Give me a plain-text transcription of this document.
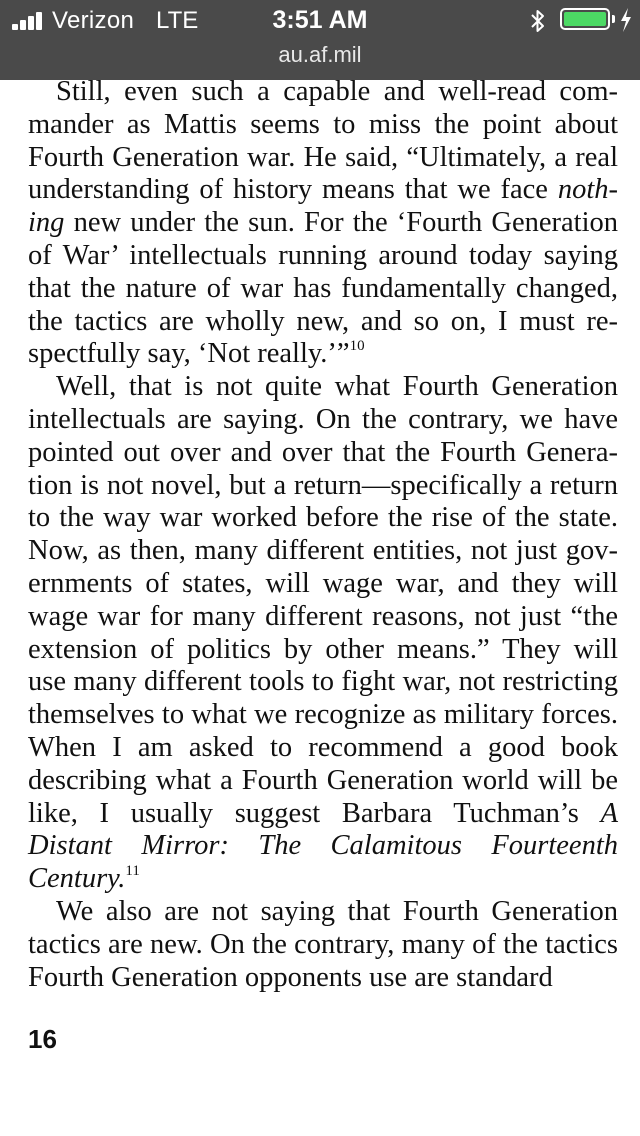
Verizon LTE	3:51 AM
au.af.mil

Still, even such a capable and well-read commander as Mattis seems to miss the point about Fourth Generation war. He said, “Ultimately, a real understanding of history means that we face nothing new under the sun. For the ‘Fourth Generation of War’ intellectuals running around today saying that the nature of war has fundamentally changed, the tactics are wholly new, and so on, I must respectfully say, ‘Not really.’”$^{10}$

Well, that is not quite what Fourth Generation intellectuals are saying. On the contrary, we have pointed out over and over that the Fourth Generation is not novel, but a return—specifically a return to the way war worked before the rise of the state. Now, as then, many different entities, not just governments of states, will wage war, and they will wage war for many different reasons, not just “the extension of politics by other means.” They will use many different tools to fight war, not restricting themselves to what we recognize as military forces. When I am asked to recommend a good book describing what a Fourth Generation world will be like, I usually suggest Barbara Tuchman’s A Distant Mirror: The Calamitous Fourteenth Century.$^{11}$

We also are not saying that Fourth Generation tactics are new. On the contrary, many of the tactics Fourth Generation opponents use are standard

16
